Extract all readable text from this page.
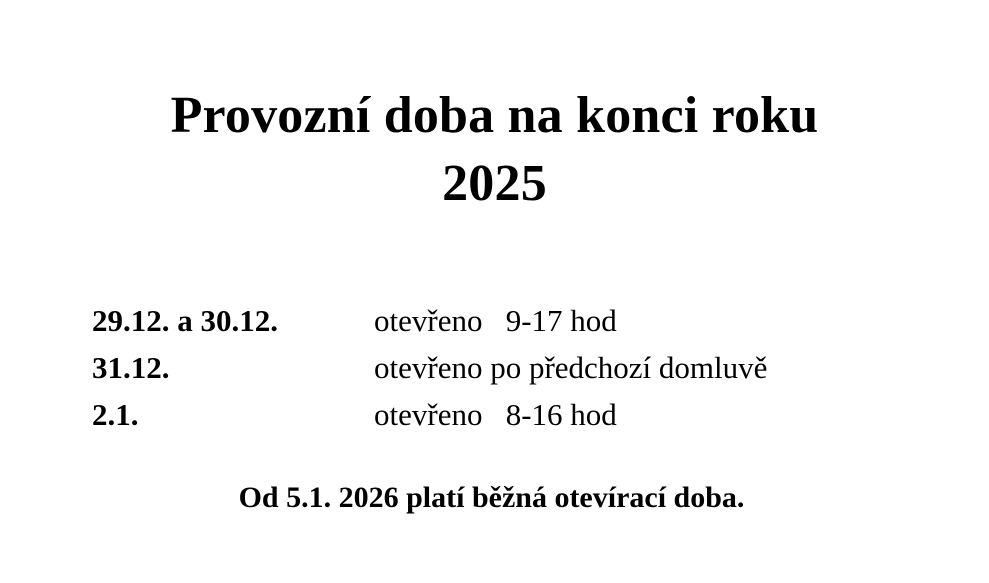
Provozní doba na konci roku
2025
29.12. a 30.12.	otevřeno   9-17 hod
31.12.	otevřeno po předchozí domluvě
2.1.	otevřeno   8-16 hod
Od 5.1. 2026 platí běžná otevírací doba.
